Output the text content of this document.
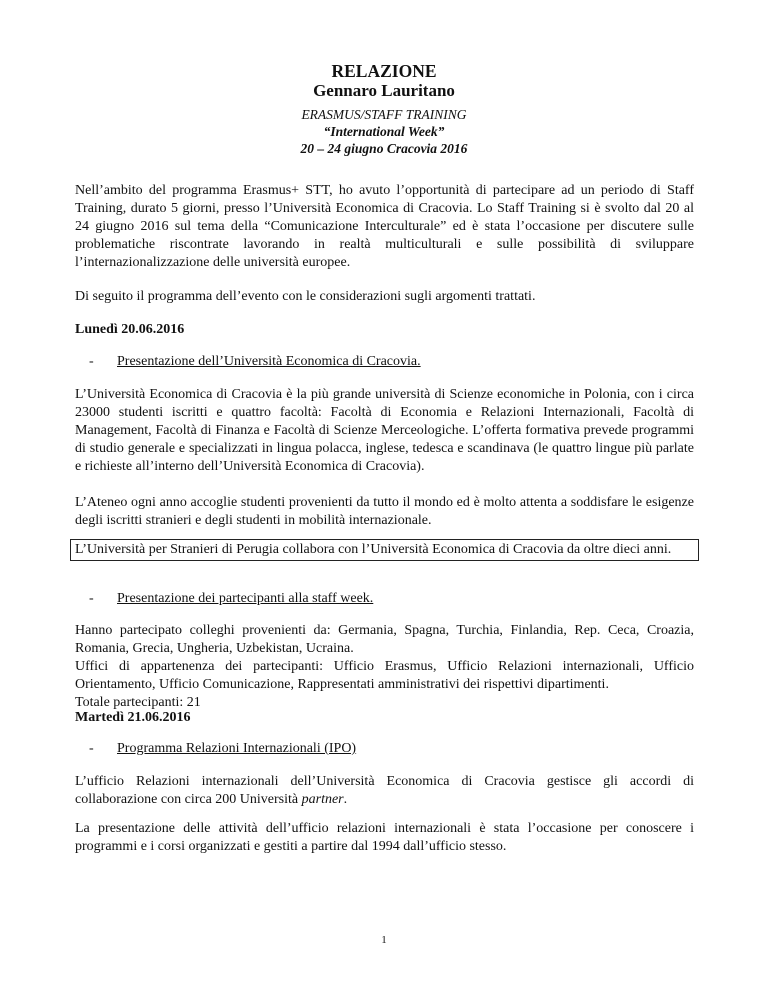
RELAZIONE
Gennaro Lauritano
ERASMUS/STAFF TRAINING
“International Week”
20 – 24 giugno Cracovia 2016

Nell’ambito del programma Erasmus+ STT, ho avuto l’opportunità di partecipare ad un periodo di Staff Training, durato 5 giorni, presso l’Università Economica di Cracovia. Lo Staff Training si è svolto dal 20 al 24 giugno 2016 sul tema della “Comunicazione Interculturale” ed è stata l’occasione per discutere sulle problematiche riscontrate lavorando in realtà multiculturali e sulle possibilità di sviluppare l’internazionalizzazione delle università europee.

Di seguito il programma dell’evento con le considerazioni sugli argomenti trattati.

Lunedì 20.06.2016

- Presentazione dell’Università Economica di Cracovia.

L’Università Economica di Cracovia è la più grande università di Scienze economiche in Polonia, con i circa 23000 studenti iscritti e quattro facoltà: Facoltà di Economia e Relazioni Internazionali, Facoltà di Management, Facoltà di Finanza e Facoltà di Scienze Merceologiche. L’offerta formativa prevede programmi di studio generale e specializzati in lingua polacca, inglese, tedesca e scandinava (le quattro lingue più parlate e richieste all’interno dell’Università Economica di Cracovia).

L’Ateneo ogni anno accoglie studenti provenienti da tutto il mondo ed è molto attenta a soddisfare le esigenze degli iscritti stranieri e degli studenti in mobilità internazionale.

L’Università per Stranieri di Perugia collabora con l’Università Economica di Cracovia da oltre dieci anni.

- Presentazione dei partecipanti alla staff week.

Hanno partecipato colleghi provenienti da: Germania, Spagna, Turchia, Finlandia, Rep. Ceca, Croazia, Romania, Grecia, Ungheria, Uzbekistan, Ucraina.

Uffici di appartenenza dei partecipanti: Ufficio Erasmus, Ufficio Relazioni internazionali, Ufficio Orientamento, Ufficio Comunicazione, Rappresentati amministrativi dei rispettivi dipartimenti.

Totale partecipanti: 21

Martedì 21.06.2016

- Programma Relazioni Internazionali (IPO)

L’ufficio Relazioni internazionali dell’Università Economica di Cracovia gestisce gli accordi di collaborazione con circa 200 Università partner.

La presentazione delle attività dell’ufficio relazioni internazionali è stata l’occasione per conoscere i programmi e i corsi organizzati e gestiti a partire dal 1994 dall’ufficio stesso.

1
